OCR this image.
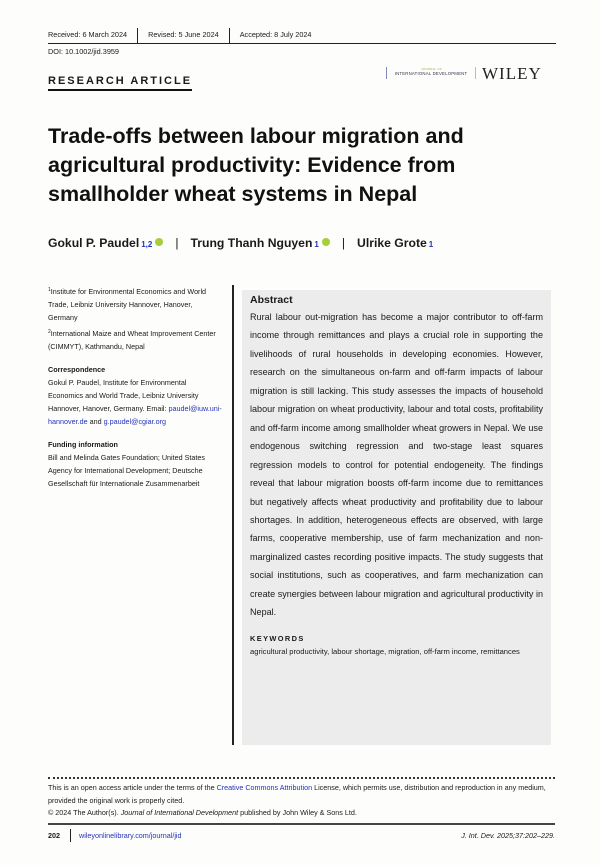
Received: 6 March 2024	Revised: 5 June 2024	Accepted: 8 July 2024
DOI: 10.1002/jid.3959
RESEARCH ARTICLE
JOURNAL OF
INTERNATIONAL DEVELOPMENT WILEY
Trade-offs between labour migration and agricultural productivity: Evidence from smallholder wheat systems in Nepal
Gokul P. Paudel 1,2 | Trung Thanh Nguyen 1 | Ulrike Grote 1

$^1$Institute for Environmental Economics and World Trade, Leibniz University Hannover, Hanover, Germany

$^2$International Maize and Wheat Improvement Center (CIMMYT), Kathmandu, Nepal

Correspondence
Gokul P. Paudel, Institute for Environmental Economics and World Trade, Leibniz University Hannover, Hanover, Germany. Email: paudel@iuw.uni-hannover.de and g.paudel@cgiar.org
Funding information
Bill and Melinda Gates Foundation; United States Agency for International Development; Deutsche Gesellschaft für Internationale Zusammenarbeit
Abstract
Rural labour out-migration has become a major contributor to off-farm income through remittances and plays a crucial role in supporting the livelihoods of rural households in developing economies. However, research on the simultaneous on-farm and off-farm impacts of labour migration is still lacking. This study assesses the impacts of household labour migration on wheat productivity, labour and total costs, profitability and off-farm income among smallholder wheat growers in Nepal. We use endogenous switching regression and two-stage least squares regression models to control for potential endogeneity. The findings reveal that labour migration boosts off-farm income due to remittances but negatively affects wheat productivity and profitability due to labour shortages. In addition, heterogeneous effects are observed, with large farms, cooperative membership, use of farm mechanization and non-marginalized castes recording positive impacts. The study suggests that social institutions, such as cooperatives, and farm mechanization can create synergies between labour migration and agricultural productivity in Nepal.
KEYWORDS
agricultural productivity, labour shortage, migration, off-farm income, remittances
This is an open access article under the terms of the Creative Commons Attribution License, which permits use, distribution and reproduction in any medium, provided the original work is properly cited.
© 2024 The Author(s). Journal of International Development published by John Wiley & Sons Ltd.
202	wileyonlinelibrary.com/journal/jid	J. Int. Dev. 2025;37:202–229.
